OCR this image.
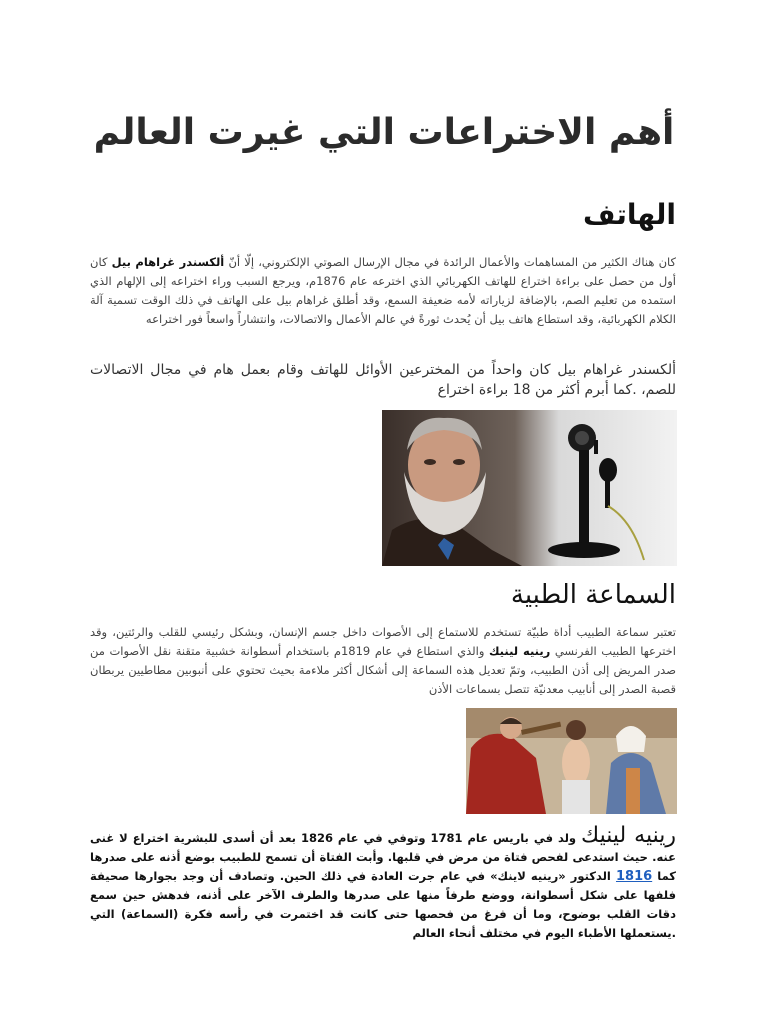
أهم الاختراعات التي غيرت العالم
الهاتف

كان هناك الكثير من المساهمات والأعمال الرائدة في مجال الإرسال الصوتي الإلكتروني، إلّا أنّ ألكسندر غراهام بيل كان أول من حصل على براءة اختراع للهاتف الكهربائي الذي اخترعه عام 1876م، ويرجع السبب وراء اختراعه إلى الإلهام الذي استمده من تعليم الصم، بالإضافة لزياراته لأمه ضعيفة السمع، وقد أطلق غراهام بيل على الهاتف في ذلك الوقت تسمية آلة الكلام الكهربائية، وقد استطاع هاتف بيل أن يُحدث ثورةً في عالم الأعمال والاتصالات، وانتشاراً واسعاً فور اختراعه

ألكسندر غراهام بيل كان واحداً من المخترعين الأوائل للهاتف وقام بعمل هام في مجال الاتصالات للصم، .كما أبرم أكثر من 18 براءة اختراع

السماعة الطبية

تعتبر سماعة الطبيب أداة طبيّة تستخدم للاستماع إلى الأصوات داخل جسم الإنسان، وبشكل رئيسي للقلب والرئتين، وقد اخترعها الطبيب الفرنسي رينيه لينيك والذي استطاع في عام 1819م باستخدام أسطوانة خشبية متقنة نقل الأصوات من صدر المريض إلى أذن الطبيب، وتمّ تعديل هذه السماعة إلى أشكال أكثر ملاءمة بحيث تحتوي على أنبوبين مطاطيين يربطان قصبة الصدر إلى أنابيب معدنيّة تتصل بسماعات الأذن

رينيه لينيك ولد في باريس عام 1781 وتوفي في عام 1826 بعد أن أسدى للبشرية اختراع لا غنى عنه. حيث استدعى لفحص فتاة من مرض في قلبها. وأبت الفتاة أن تسمح للطبيب بوضع أذنه على صدرها كما 1816 الدكتور «رينيه لاينك» في عام جرت العادة في ذلك الحين. وتصادف أن وجد بجوارها صحيفة فلفها على شكل أسطوانة، ووضع طرفاً منها على صدرها والطرف الآخر على أذنه، فدهش حين سمع دقات القلب بوضوح، وما أن فرغ من فحصها حتى كانت قد اختمرت في رأسه فكرة (السماعة) التي .يستعملها الأطباء اليوم في مختلف أنحاء العالم
